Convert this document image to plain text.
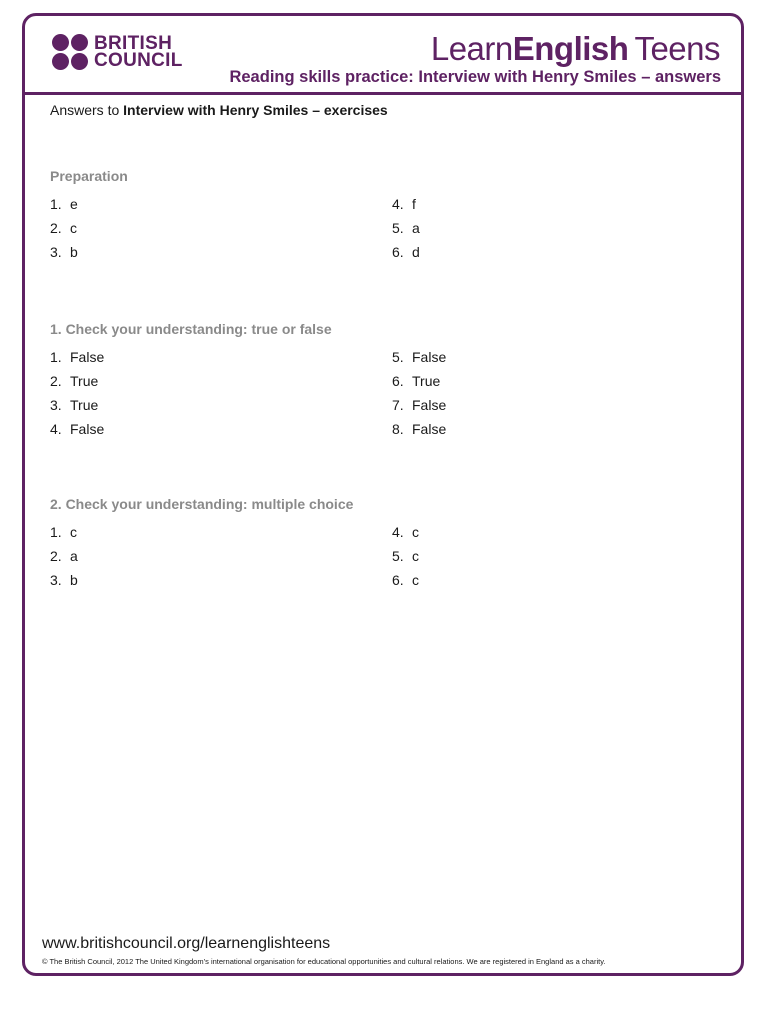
BRITISH
COUNCIL	LearnEnglish Teens
Reading skills practice: Interview with Henry Smiles – answers
Answers to Interview with Henry Smiles – exercises
Preparation
1. e
2. c
3. b
4. f
5. a
6. d
1. Check your understanding: true or false
1. False
2. True
3. True
4. False
5. False
6. True
7. False
8. False
2. Check your understanding: multiple choice
1. c
2. a
3. b
4. c
5. c
6. c
www.britishcouncil.org/learnenglishteens
© The British Council, 2012 The United Kingdom’s international organisation for educational opportunities and cultural relations. We are registered in England as a charity.
